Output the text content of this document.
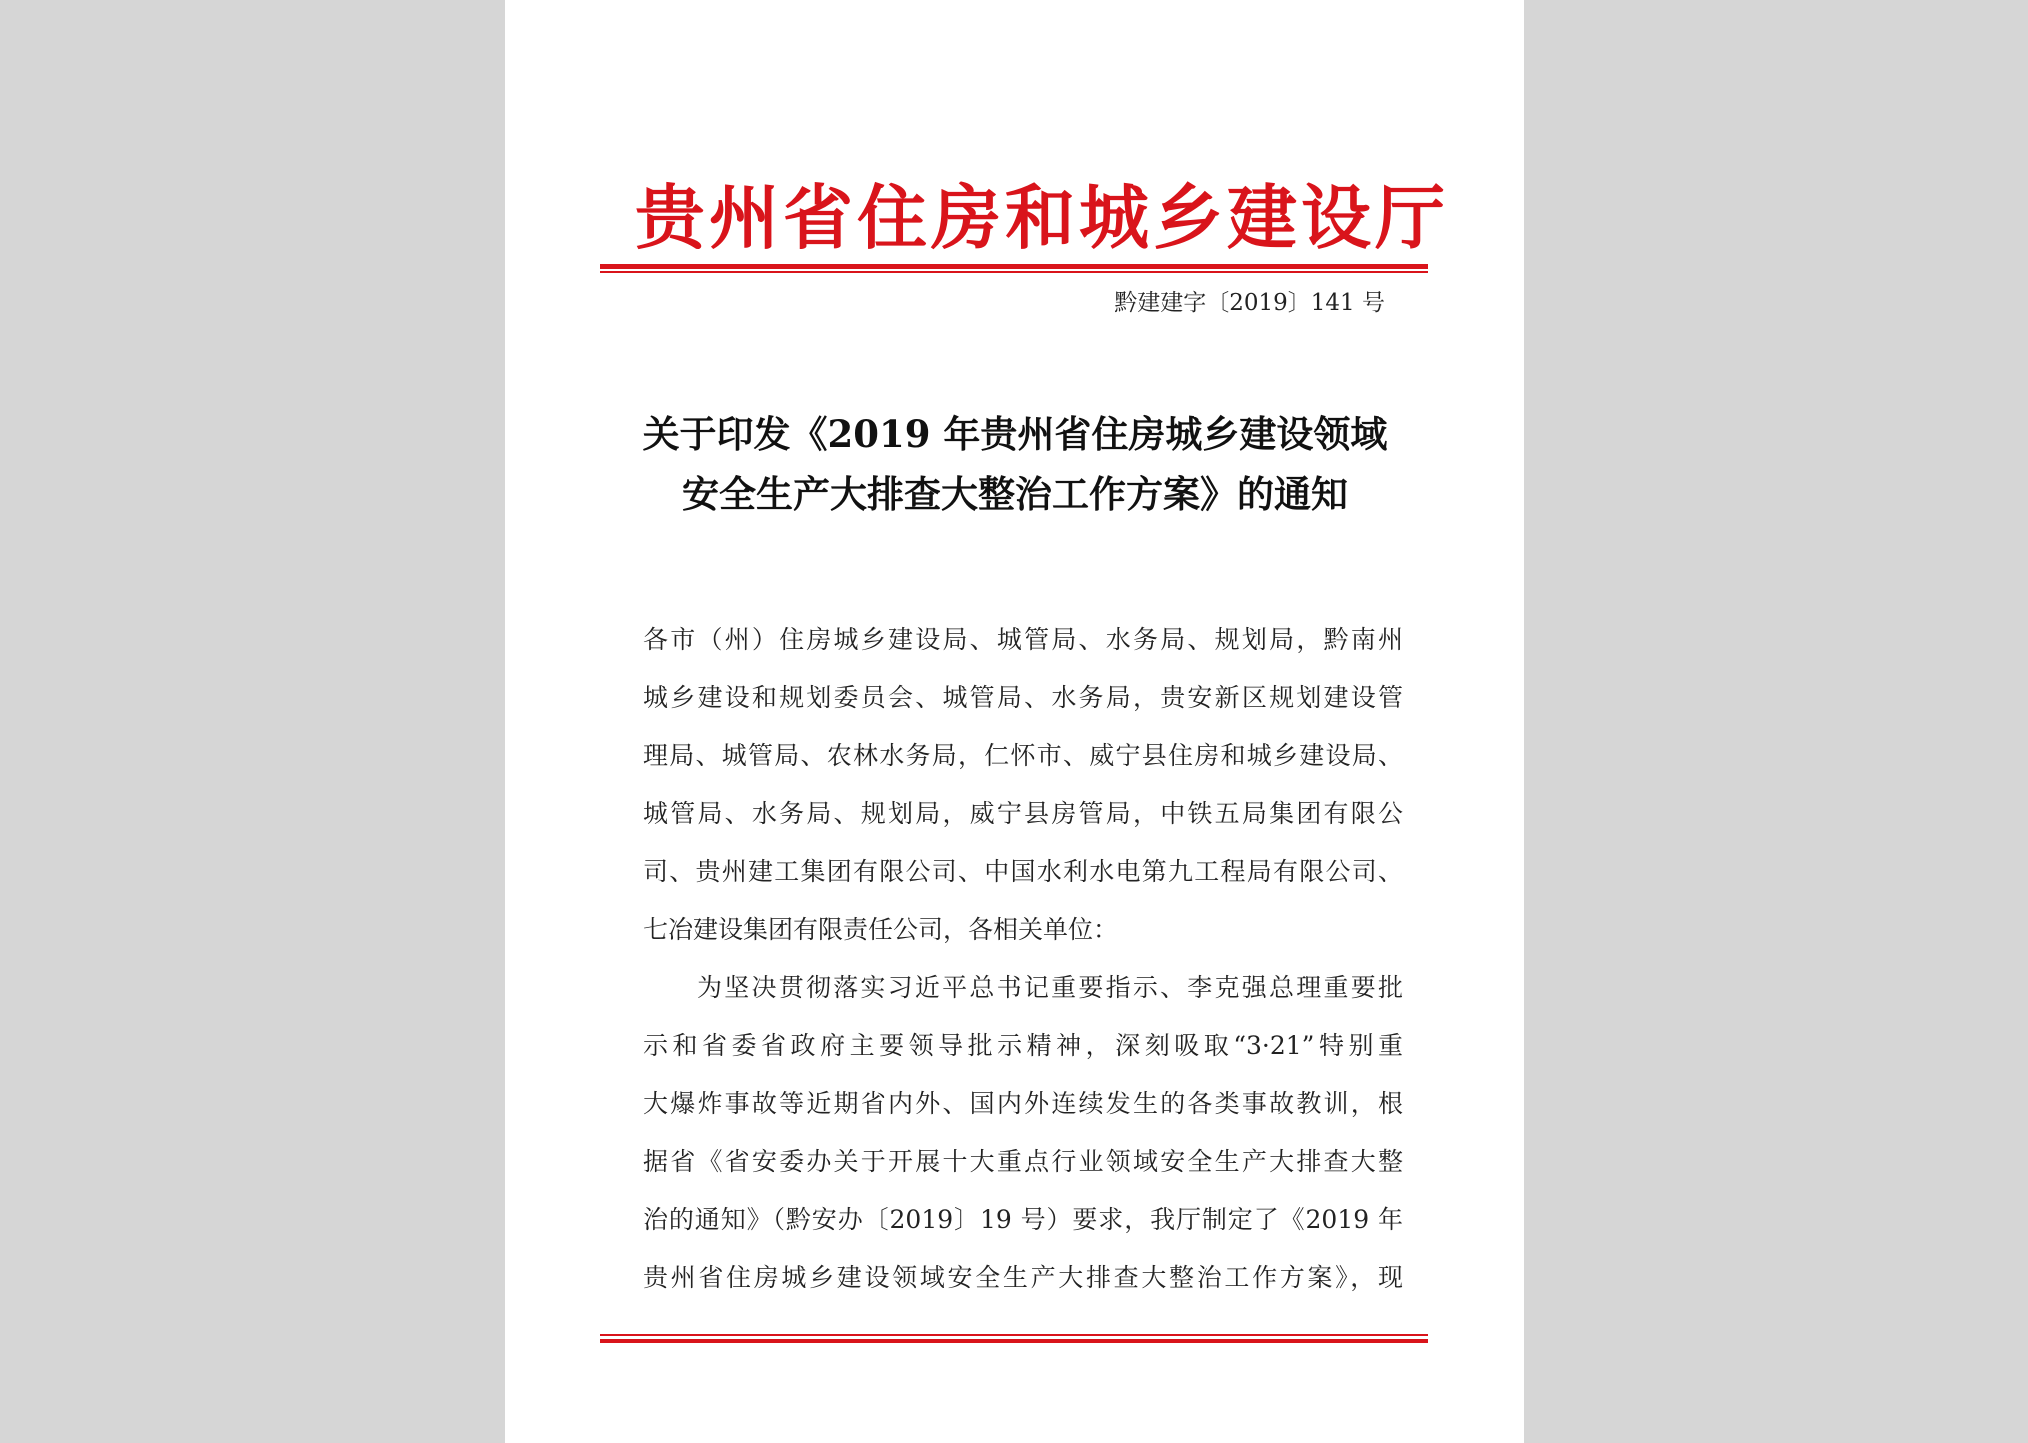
贵州省住房和城乡建设厅
黔建建字〔2019〕141 号
关于印发《2019 年贵州省住房城乡建设领域
安全生产大排查大整治工作方案》的通知
各市（州）住房城乡建设局、城管局、水务局、规划局，黔南州
城乡建设和规划委员会、城管局、水务局，贵安新区规划建设管
理局、城管局、农林水务局，仁怀市、威宁县住房和城乡建设局、
城管局、水务局、规划局，威宁县房管局，中铁五局集团有限公
司、贵州建工集团有限公司、中国水利水电第九工程局有限公司、
七冶建设集团有限责任公司，各相关单位：
为坚决贯彻落实习近平总书记重要指示、李克强总理重要批
示和省委省政府主要领导批示精神，深刻吸取“3·21”特别重
大爆炸事故等近期省内外、国内外连续发生的各类事故教训，根
据省《省安委办关于开展十大重点行业领域安全生产大排查大整
治的通知》（黔安办〔2019〕19 号）要求，我厅制定了《2019 年
贵州省住房城乡建设领域安全生产大排查大整治工作方案》，现
